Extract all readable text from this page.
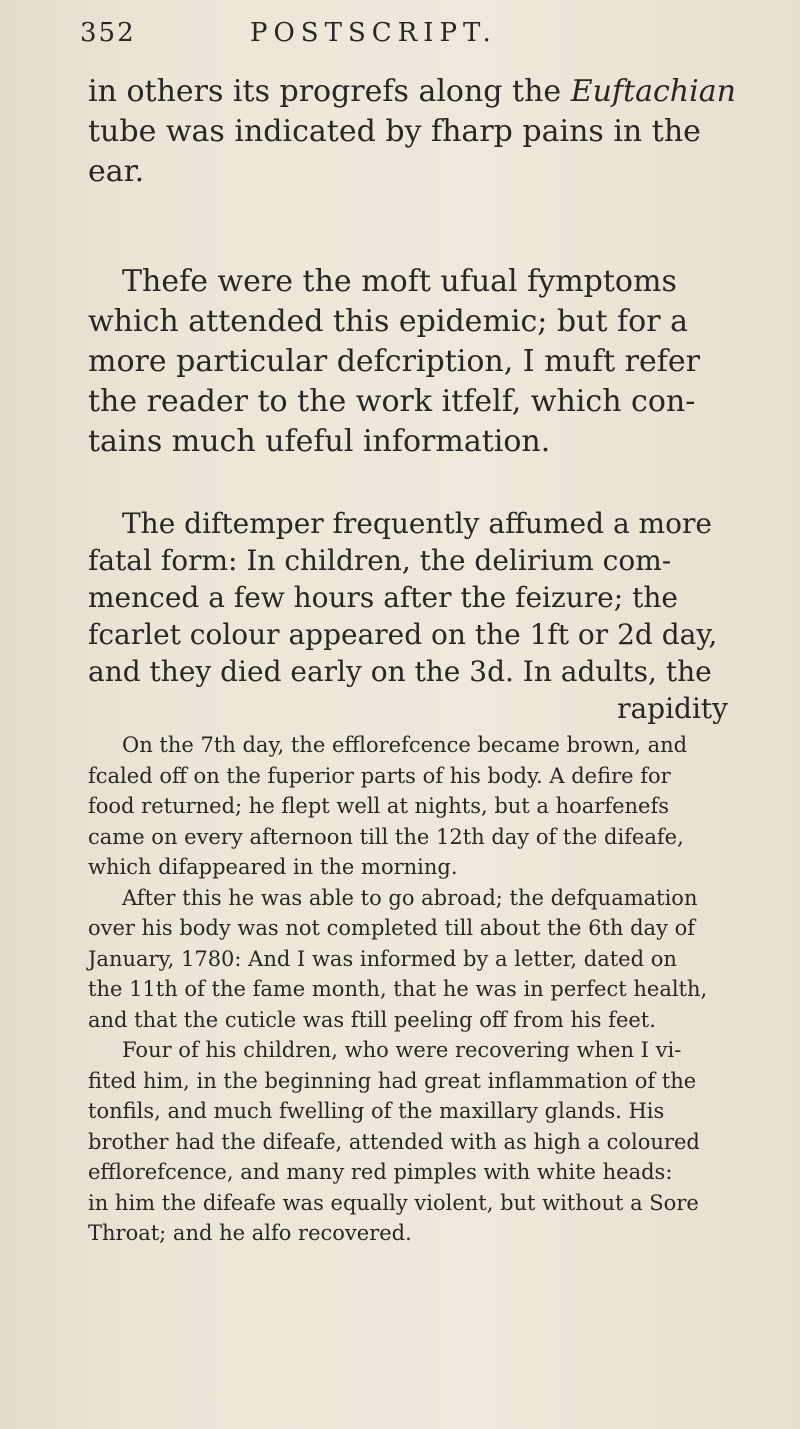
352	POSTSCRIPT.
in others its progrefs along the Euftachian
tube was indicated by fharp pains in the
ear.
Thefe were the moft ufual fymptoms
which attended this epidemic; but for a
more particular defcription, I muft refer
the reader to the work itfelf, which con-
tains much ufeful information.
The diftemper frequently affumed a more
fatal form: In children, the delirium com-
menced a few hours after the feizure; the
fcarlet colour appeared on the 1ft or 2d day,
and they died early on the 3d. In adults, the
rapidity
On the 7th day, the efflorefcence became brown, and
fcaled off on the fuperior parts of his body. A defire for
food returned; he flept well at nights, but a hoarfenefs
came on every afternoon till the 12th day of the difeafe,
which difappeared in the morning.
After this he was able to go abroad; the defquamation
over his body was not completed till about the 6th day of
January, 1780: And I was informed by a letter, dated on
the 11th of the fame month, that he was in perfect health,
and that the cuticle was ftill peeling off from his feet.
Four of his children, who were recovering when I vi-
fited him, in the beginning had great inflammation of the
tonfils, and much fwelling of the maxillary glands. His
brother had the difeafe, attended with as high a coloured
efflorefcence, and many red pimples with white heads:
in him the difeafe was equally violent, but without a Sore
Throat; and he alfo recovered.
